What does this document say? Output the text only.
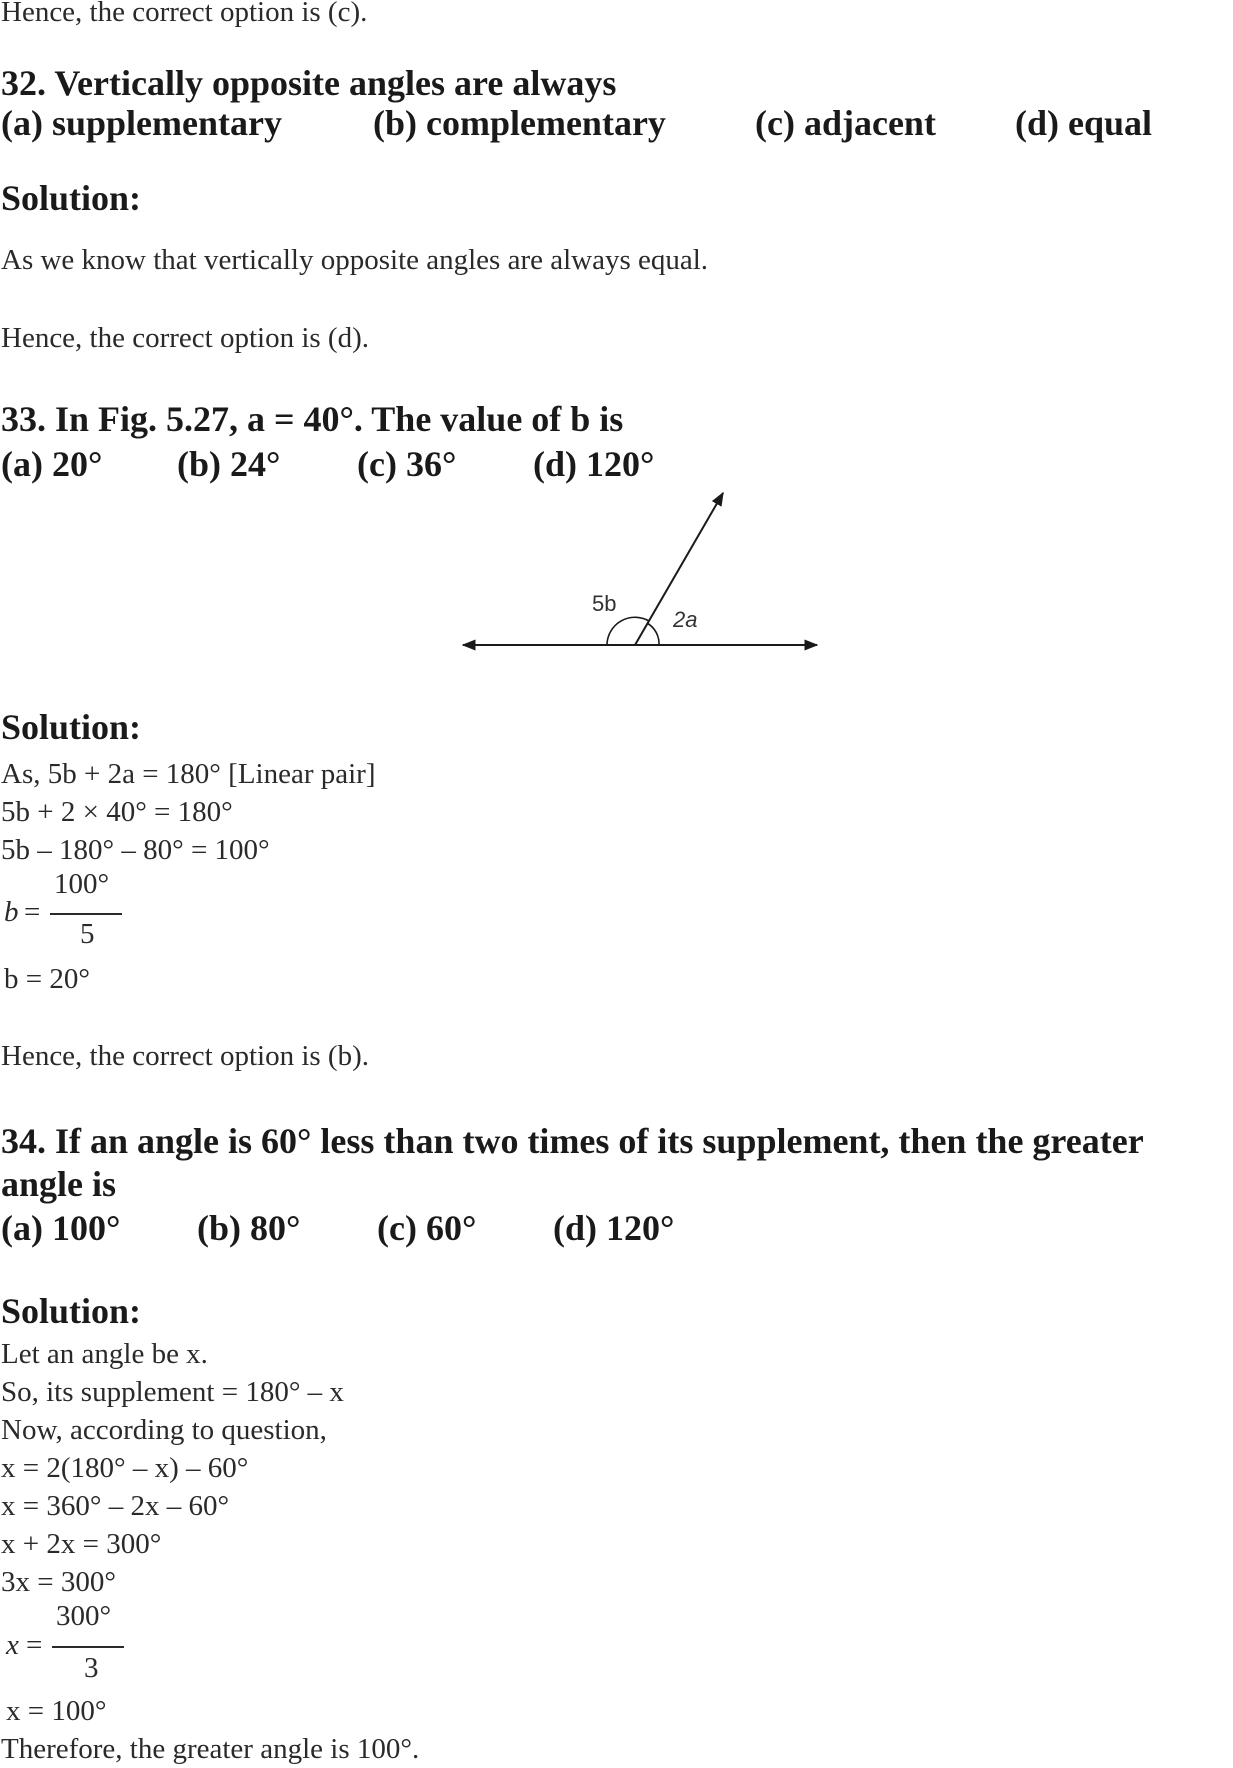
Hence, the correct option is (c).
32. Vertically opposite angles are always
(a) supplementary	(b) complementary (c) adjacent (d) equal
Solution:
As we know that vertically opposite angles are always equal.
Hence, the correct option is (d).
33. In Fig. 5.27, a = 40°. The value of b is
(a) 20° (b) 24° (c) 36° (d) 120°
5b
2a
Solution:
As, 5b + 2a = 180° [Linear pair]
5b + 2 × 40° = 180°
5b – 180° – 80° = 100°
b =
100°
5
b = 20°
Hence, the correct option is (b).
34. If an angle is 60° less than two times of its supplement, then the greater
angle is
(a) 100° (b) 80° (c) 60° (d) 120°
Solution:
Let an angle be x.
So, its supplement = 180° – x
Now, according to question,
x = 2(180° – x) – 60°
x = 360° – 2x – 60°
x + 2x = 300°
3x = 300°
x =
300°
3
x = 100°
Therefore, the greater angle is 100°.
